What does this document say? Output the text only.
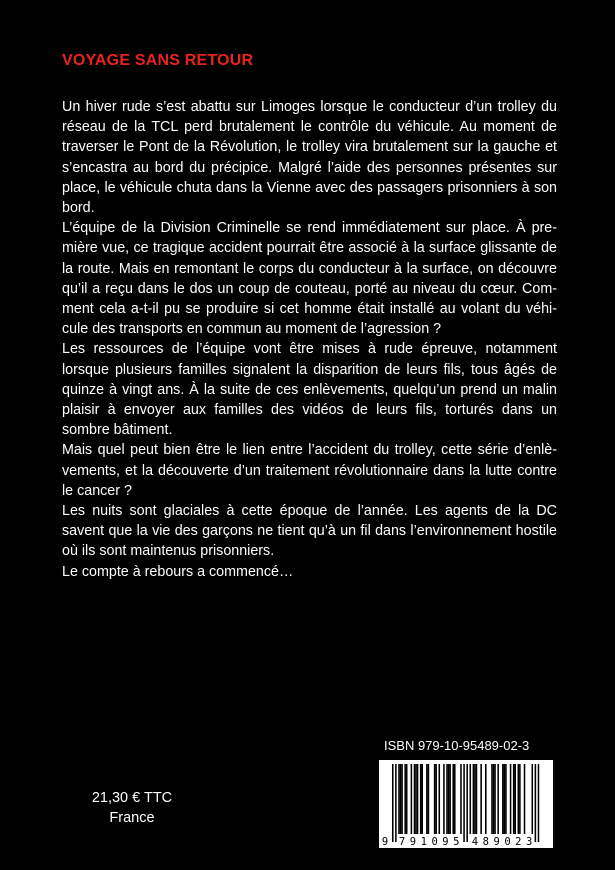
VOYAGE SANS RETOUR

Un hiver rude s’est abattu sur Limoges lorsque le conducteur d’un trolley du réseau de la TCL perd brutalement le contrôle du véhicule. Au moment de traverser le Pont de la Révolution, le trolley vira brutalement sur la gauche et s’encastra au bord du précipice. Malgré l’aide des personnes présentes sur place, le véhicule chuta dans la Vienne avec des passagers prisonniers à son bord.

L’équipe de la Division Criminelle se rend immédiatement sur place. À première vue, ce tragique accident pourrait être associé à la surface glissante de la route. Mais en remontant le corps du conducteur à la surface, on découvre qu’il a reçu dans le dos un coup de couteau, porté au niveau du cœur. Comment cela a-t-il pu se produire si cet homme était installé au volant du véhicule des transports en commun au moment de l’agression ?

Les ressources de l’équipe vont être mises à rude épreuve, notamment lorsque plusieurs familles signalent la disparition de leurs fils, tous âgés de quinze à vingt ans. À la suite de ces enlèvements, quelqu’un prend un malin plaisir à envoyer aux familles des vidéos de leurs fils, torturés dans un sombre bâtiment.

Mais quel peut bien être le lien entre l’accident du trolley, cette série d’enlèvements, et la découverte d’un traitement révolutionnaire dans la lutte contre le cancer ?

Les nuits sont glaciales à cette époque de l’année. Les agents de la DC savent que la vie des garçons ne tient qu’à un fil dans l’environnement hostile où ils sont maintenus prisonniers.

Le compte à rebours a commencé…

ISBN 979-10-95489-02-3
21,30 € TTC
France
9 7 9 1 0 9 5 4 8 9 0 2 3
